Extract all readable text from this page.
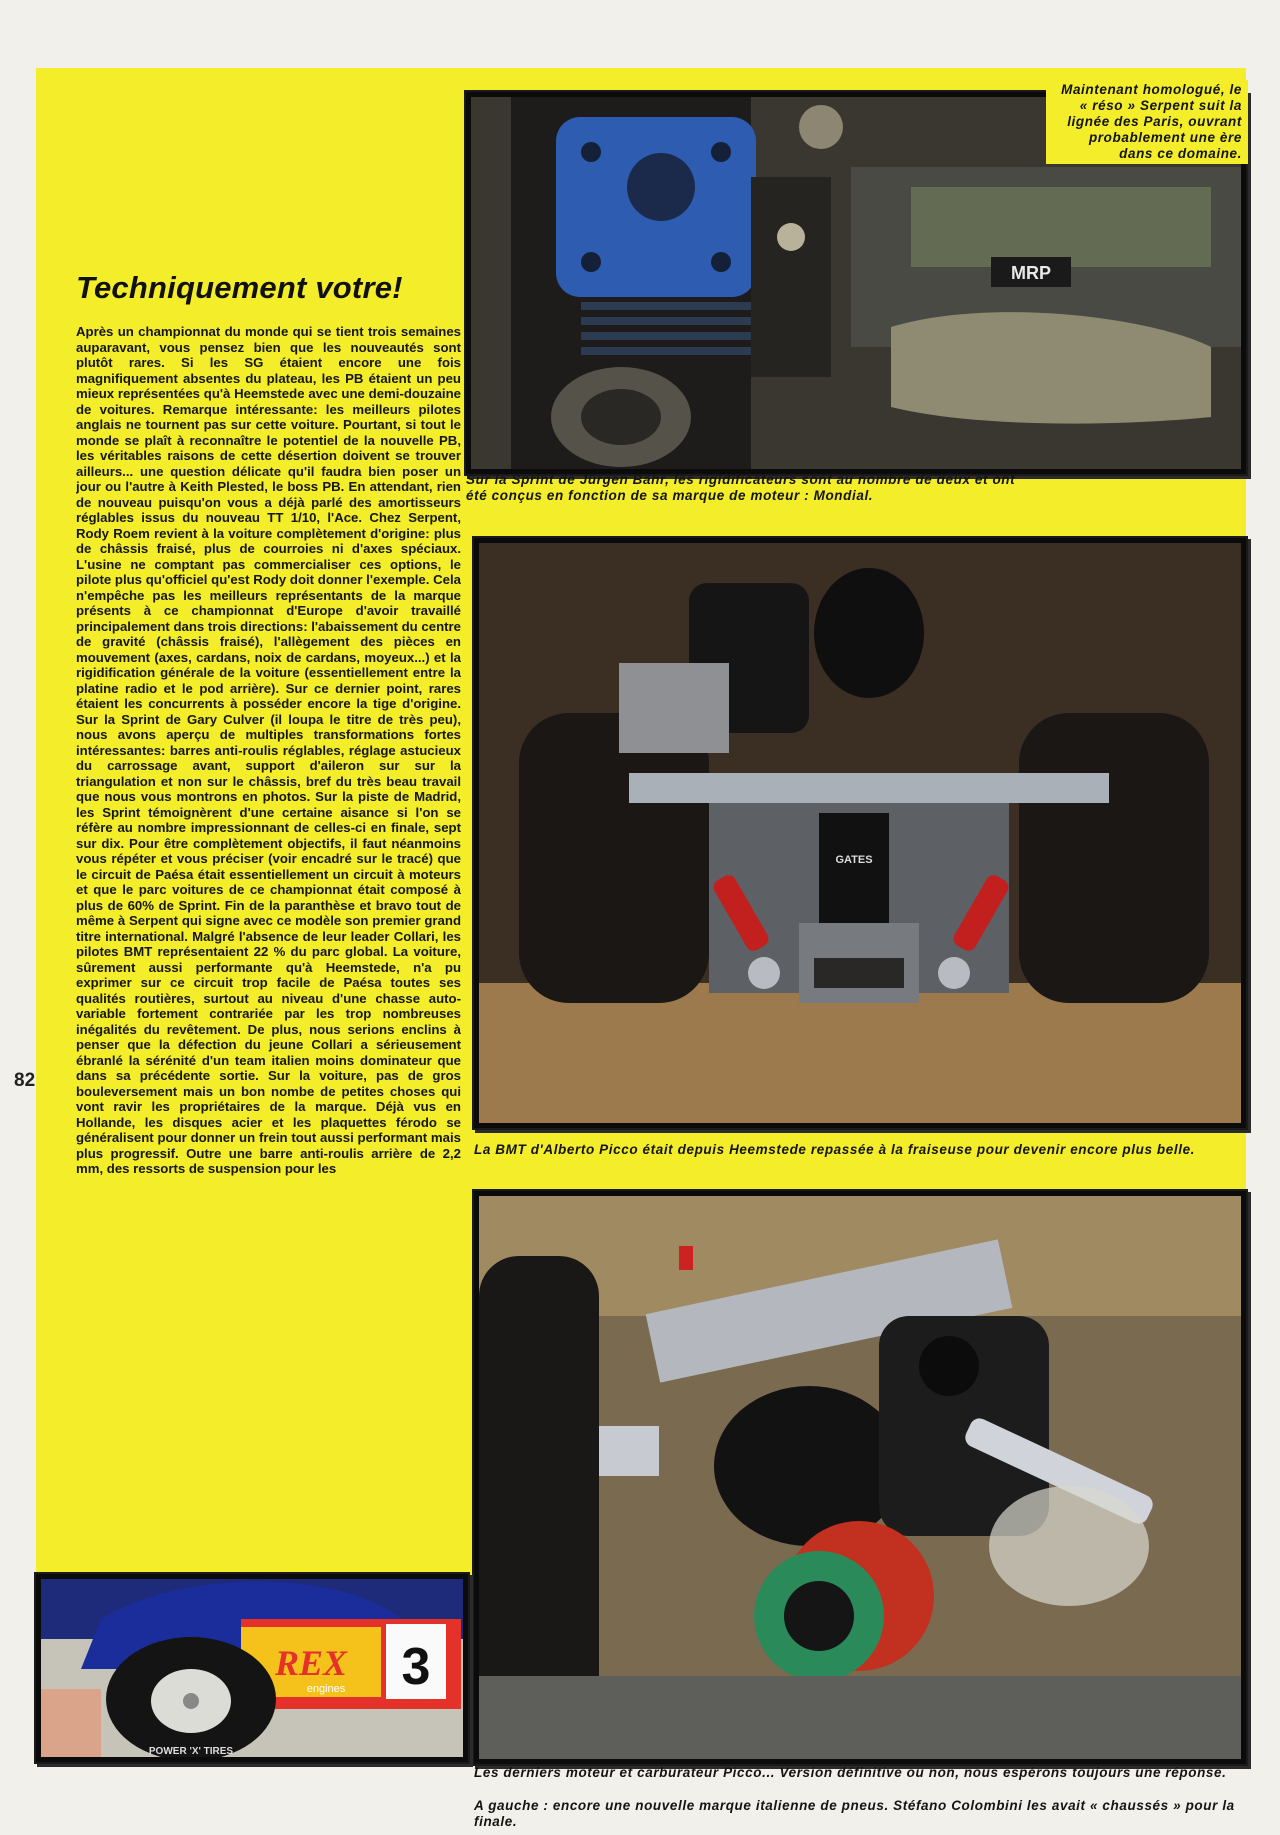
82
Techniquement votre!
Après un championnat du monde qui se tient trois semaines auparavant, vous pensez bien que les nouveautés sont plutôt rares. Si les SG étaient encore une fois magnifiquement absentes du plateau, les PB étaient un peu mieux représentées qu'à Heemstede avec une demi-douzaine de voitures. Remarque intéressante: les meilleurs pilotes anglais ne tournent pas sur cette voiture. Pourtant, si tout le monde se plaît à reconnaître le potentiel de la nouvelle PB, les véritables raisons de cette désertion doivent se trouver ailleurs... une question délicate qu'il faudra bien poser un jour ou l'autre à Keith Plested, le boss PB. En attendant, rien de nouveau puisqu'on vous a déjà parlé des amortisseurs réglables issus du nouveau TT 1/10, l'Ace. Chez Serpent, Rody Roem revient à la voiture complètement d'origine: plus de châssis fraisé, plus de courroies ni d'axes spéciaux. L'usine ne comptant pas commercialiser ces options, le pilote plus qu'officiel qu'est Rody doit donner l'exemple. Cela n'empêche pas les meilleurs représentants de la marque présents à ce championnat d'Europe d'avoir travaillé principalement dans trois directions: l'abaissement du centre de gravité (châssis fraisé), l'allègement des pièces en mouvement (axes, cardans, noix de cardans, moyeux...) et la rigidification générale de la voiture (essentiellement entre la platine radio et le pod arrière). Sur ce dernier point, rares étaient les concurrents à posséder encore la tige d'origine. Sur la Sprint de Gary Culver (il loupa le titre de très peu), nous avons aperçu de multiples transformations fortes intéressantes: barres anti-roulis réglables, réglage astucieux du carrossage avant, support d'aileron sur sur la triangulation et non sur le châssis, bref du très beau travail que nous vous montrons en photos. Sur la piste de Madrid, les Sprint témoignèrent d'une certaine aisance si l'on se réfère au nombre impressionnant de celles-ci en finale, sept sur dix. Pour être complètement objectifs, il faut néanmoins vous répéter et vous préciser (voir encadré sur le tracé) que le circuit de Paésa était essentiellement un circuit à moteurs et que le parc voitures de ce championnat était composé à plus de 60% de Sprint. Fin de la paranthèse et bravo tout de même à Serpent qui signe avec ce modèle son premier grand titre international. Malgré l'absence de leur leader Collari, les pilotes BMT représentaient 22 % du parc global. La voiture, sûrement aussi performante qu'à Heemstede, n'a pu exprimer sur ce circuit trop facile de Paésa toutes ses qualités routières, surtout au niveau d'une chasse auto-variable fortement contrariée par les trop nombreuses inégalités du revêtement. De plus, nous serions enclins à penser que la défection du jeune Collari a sérieusement ébranlé la sérénité d'un team italien moins dominateur que dans sa précédente sortie. Sur la voiture, pas de gros bouleversement mais un bon nombe de petites choses qui vont ravir les propriétaires de la marque. Déjà vus en Hollande, les disques acier et les plaquettes férodo se généralisent pour donner un frein tout aussi performant mais plus progressif. Outre une barre anti-roulis arrière de 2,2 mm, des ressorts de suspension pour les
MRP
Maintenant homologué, le « réso » Serpent suit la lignée des Paris, ouvrant probablement une ère dans ce domaine.
Sur la Sprint de Jürgen Bähr, les rigidificateurs sont au nombre de deux et ont été conçus en fonction de sa marque de moteur : Mondial.
GATES
La BMT d'Alberto Picco était depuis Heemstede repassée à la fraiseuse pour devenir encore plus belle.
Les derniers moteur et carburateur Picco... Version définitive ou non, nous espérons toujours une réponse.
REX
engines 3
POWER 'X' TIRES
A gauche : encore une nouvelle marque italienne de pneus. Stéfano Colombini les avait « chaussés » pour la finale.
